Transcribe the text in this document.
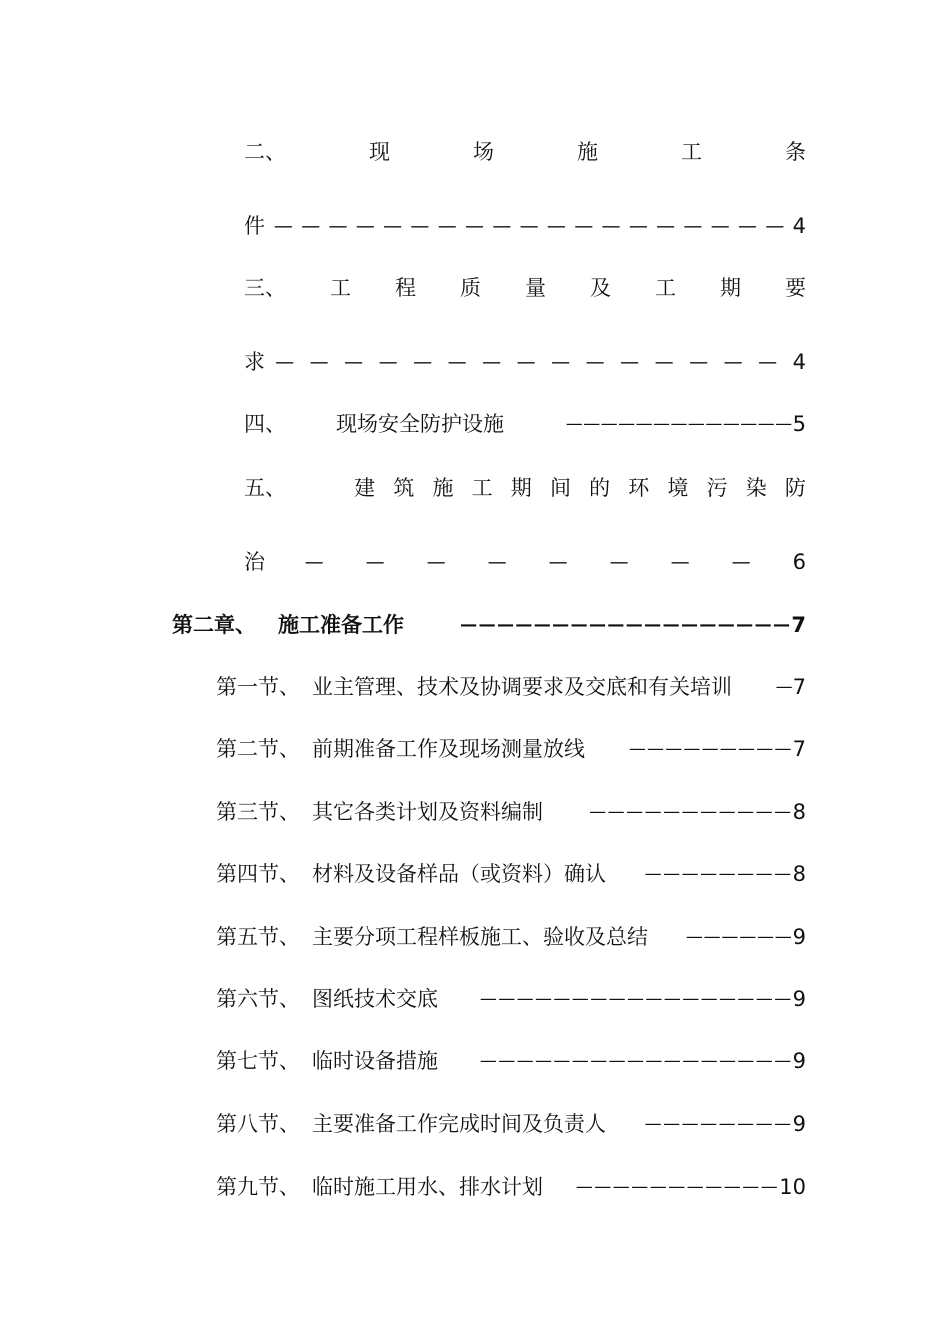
二、	现	场	施	工	条
件 ——————————————————— 4
三、 工 程 质 量 及 工 期 要
求 ——————————————— 4
四、	现场安全防护设施	————————————— 5
五、	建 筑 施 工 期 间 的 环 境 污 染 防
治 ———————— 6
第二章、	施工准备工作	—————————————————— 7
第一节、 业主管理、技术及协调要求及交底和有关培训	— 7
第二节、 前期准备工作及现场测量放线	————————— 7
第三节、 其它各类计划及资料编制	——————————— 8
第四节、 材料及设备样品（或资料）确认 ———————— 8
第五节、 主要分项工程样板施工、验收及总结 —————— 9
第六节、 图纸技术交底 ————————————————— 9
第七节、 临时设备措施 ————————————————— 9
第八节、 主要准备工作完成时间及负责人 ———————— 9
第九节、 临时施工用水、排水计划 ——————————— 10
